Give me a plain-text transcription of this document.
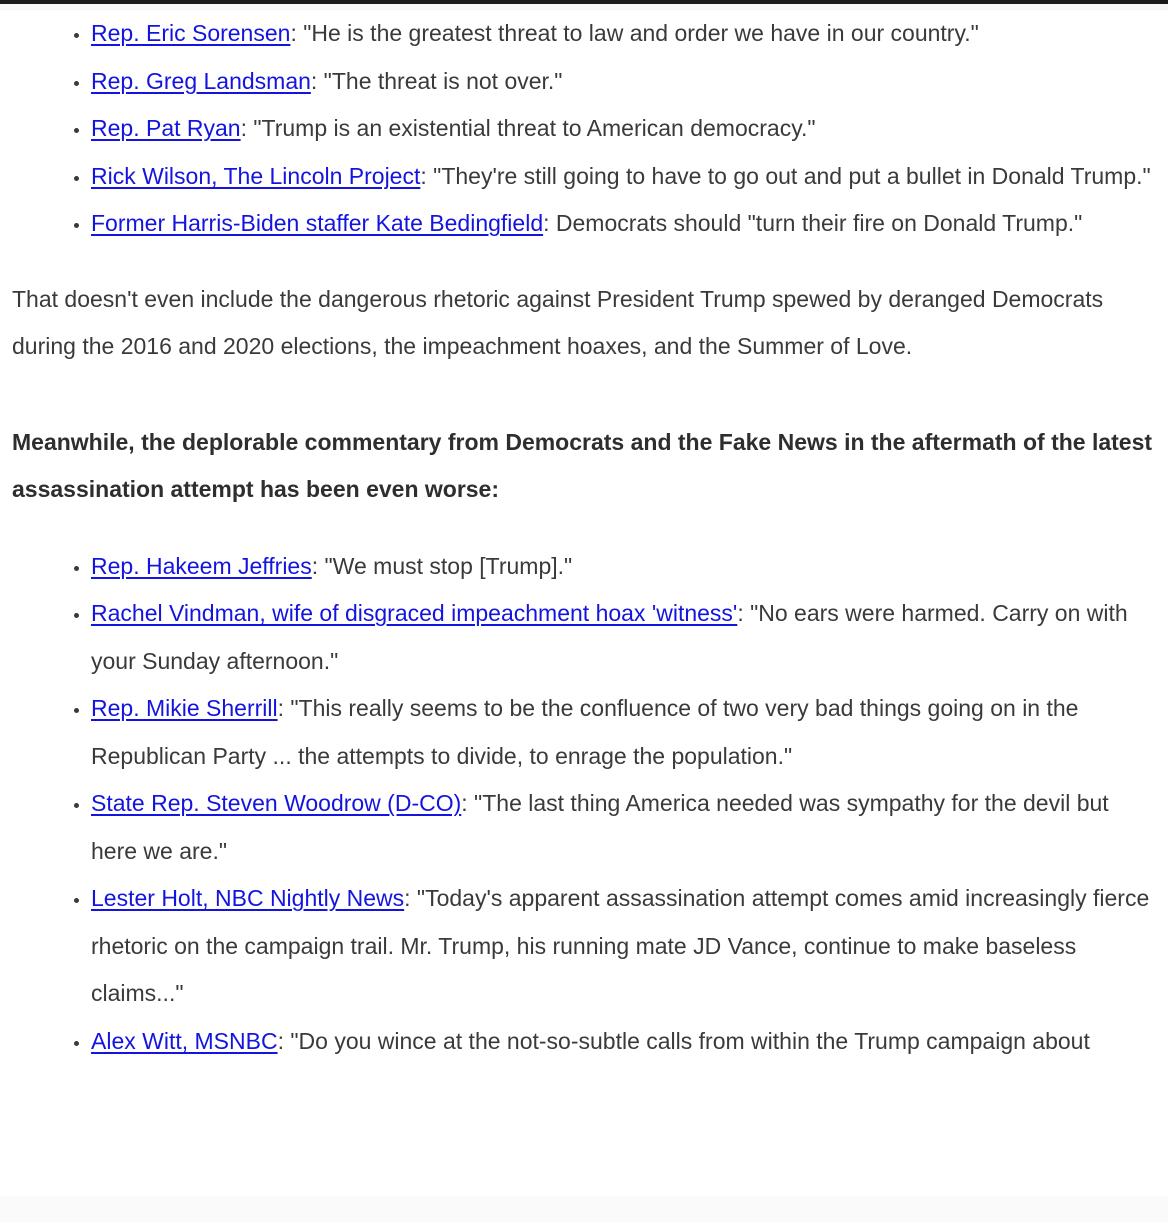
• Rep. Eric Sorensen: "He is the greatest threat to law and order we have in our country."
• Rep. Greg Landsman: "The threat is not over."
• Rep. Pat Ryan: "Trump is an existential threat to American democracy."
• Rick Wilson, The Lincoln Project: "They're still going to have to go out and put a bullet in Donald Trump."
• Former Harris-Biden staffer Kate Bedingfield: Democrats should "turn their fire on Donald Trump."

That doesn't even include the dangerous rhetoric against President Trump spewed by deranged Democrats during the 2016 and 2020 elections, the impeachment hoaxes, and the Summer of Love.

Meanwhile, the deplorable commentary from Democrats and the Fake News in the aftermath of the latest assassination attempt has been even worse:

• Rep. Hakeem Jeffries: "We must stop [Trump]."
• Rachel Vindman, wife of disgraced impeachment hoax 'witness': "No ears were harmed. Carry on with your Sunday afternoon."
• Rep. Mikie Sherrill: "This really seems to be the confluence of two very bad things going on in the Republican Party ... the attempts to divide, to enrage the population."
• State Rep. Steven Woodrow (D-CO): "The last thing America needed was sympathy for the devil but here we are."
• Lester Holt, NBC Nightly News: "Today's apparent assassination attempt comes amid increasingly fierce rhetoric on the campaign trail. Mr. Trump, his running mate JD Vance, continue to make baseless claims..."
• Alex Witt, MSNBC: "Do you wince at the not-so-subtle calls from within the Trump campaign about
